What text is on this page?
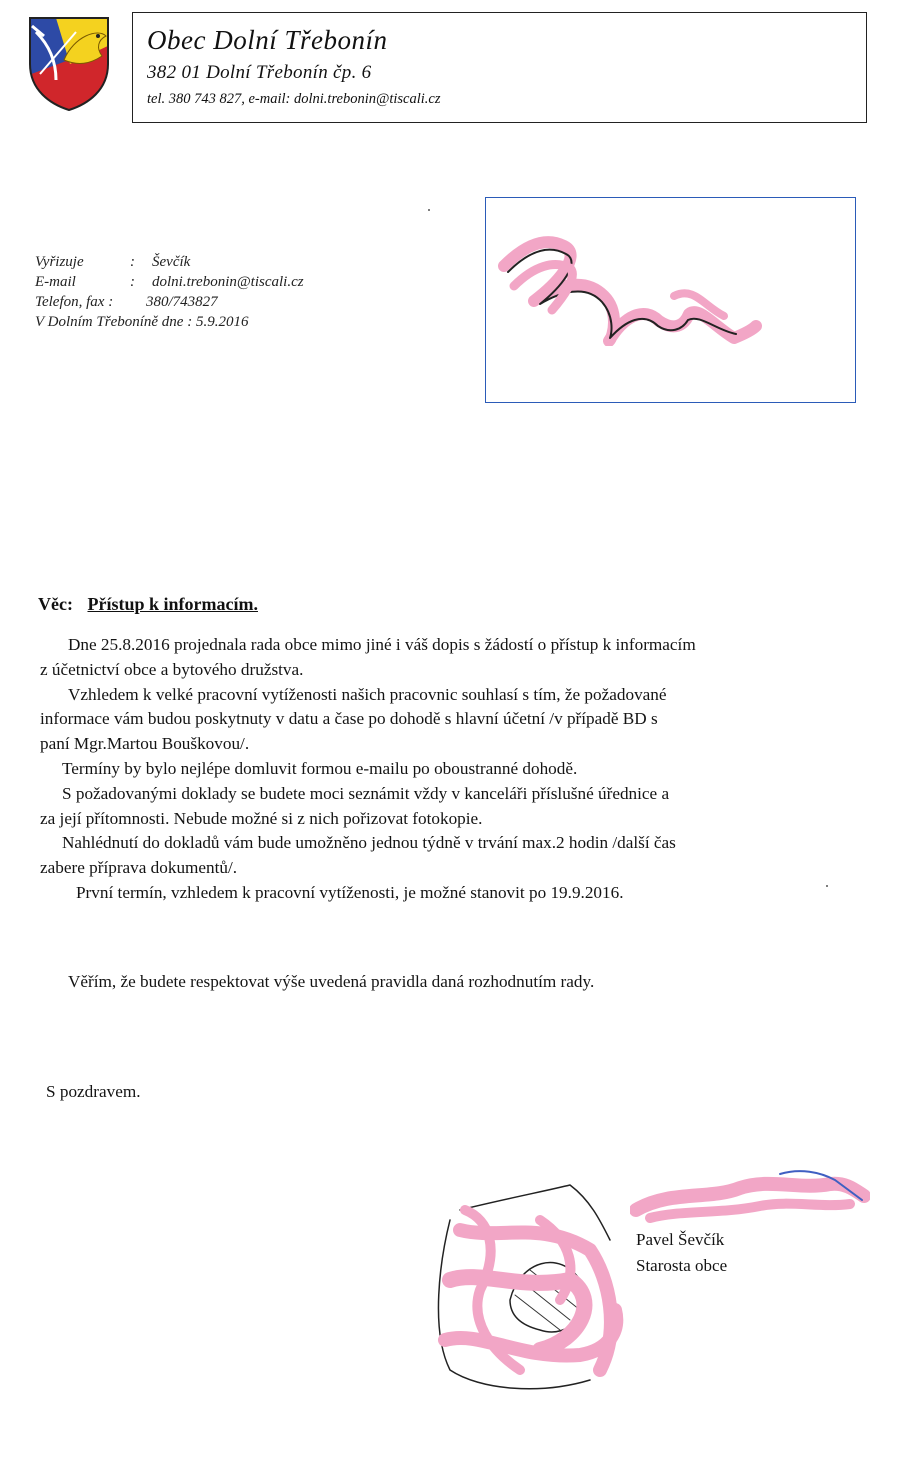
Obec Dolní Třebonín
382 01 Dolní Třebonín čp. 6
tel. 380 743 827, e-mail: dolni.trebonin@tiscali.cz
Vyřizuje	: Ševčík
E-mail	: dolni.trebonin@tiscali.cz
Telefon, fax : 380/743827
V Dolním Třeboníně dne : 5.9.2016
Věc: Přístup k informacím.

Dne 25.8.2016 projednala rada obce mimo jiné i váš dopis s žádostí o přístup k informacím

z účetnictví obce a bytového družstva.

Vzhledem k velké pracovní vytíženosti našich pracovnic souhlasí s tím, že požadované

informace vám budou poskytnuty v datu a čase po dohodě s hlavní účetní /v případě BD s

paní Mgr.Martou Bouškovou/.

Termíny by bylo nejlépe domluvit formou e-mailu po oboustranné dohodě.

S požadovanými doklady se budete moci seznámit vždy v kanceláři příslušné úřednice a

za její přítomnosti. Nebude možné si z nich pořizovat fotokopie.

Nahlédnutí do dokladů vám bude umožněno jednou týdně v trvání max.2 hodin /další čas

zabere příprava dokumentů/.

První termín, vzhledem k pracovní vytíženosti, je možné stanovit po 19.9.2016.

Věřím, že budete respektovat výše uvedená pravidla daná rozhodnutím rady.
S pozdravem.
Pavel Ševčík
Starosta obce
